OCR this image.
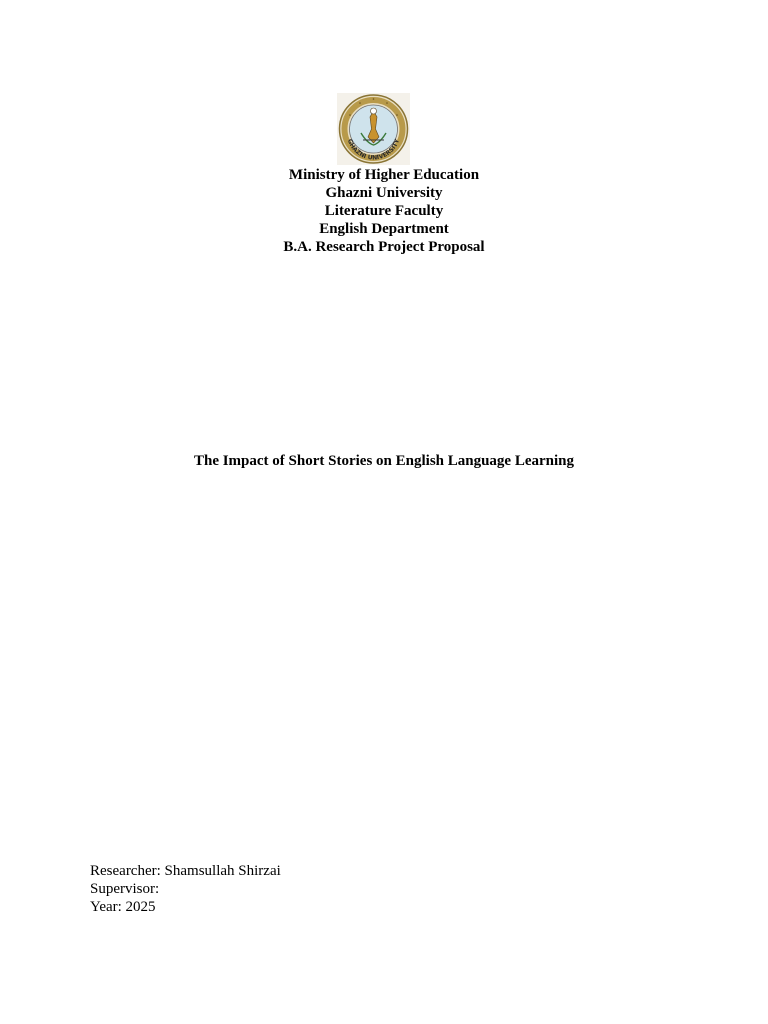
GHAZNI UNIVERSITY
Ministry of Higher Education
Ghazni University
Literature Faculty
English Department
B.A. Research Project Proposal
The Impact of Short Stories on English Language Learning
Researcher: Shamsullah Shirzai
Supervisor:
Year: 2025
